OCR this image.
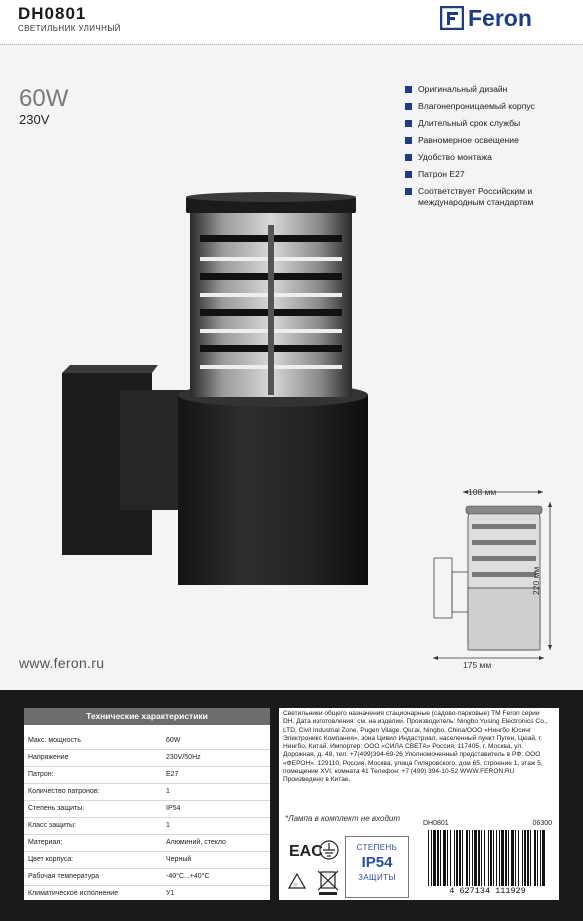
DH0801
СВЕТИЛЬНИК УЛИЧНЫЙ	Feron
60W
230V
Оригинальный дизайн
Влагонепроницаемый корпус
Длительный срок службы
Равномерное освещение
Удобство монтажа
Патрон E27
Соответствует Российским и международным стандартам
108 мм
220 мм
175 мм
www.feron.ru
Технические характеристики
Макс. мощность	60W
Напряжение	230V/50Hz
Патрон:	E27
Количество патронов:	1
Степень защиты:	IP54
Класс защиты:	1
Материал:	Алюминий, стекло
Цвет корпуса:	Черный
Рабочая температура	-40°C...+40°C
Климатическое исполнение	У1
Светильники общего назначения стационарные (садово-парковые) ТМ Feron серии DH. Дата изготовления: см. на изделии. Производитель: Ningbo Yusing Electronics Co., LTD, Civil Industrial Zone, Pugen Vilage, Qiu'ai, Ningbo, China/ООО «Нингбо Юсинг Электроникс Компания», зона Цивил Индастриал, населенный пункт Пуген, Цюай, г. Нингбо, Китай. Импортер: ООО «СИЛА СВЕТА» Россия, 117405, г. Москва, ул. Дорожная, д. 48, тел. +7(499)394-69-26 Уполномоченный представитель в РФ: ООО «ФЕРОН». 129110, Россия, Москва, улица Гиляровского, дом 65, строение 1, этаж 5, помещение XVI, комната 41 Телефон: +7 (499) 394-10-52 WWW.FERON.RU Произведено в Китае.
*Лампа в комплект не входит
EAC
♲
СТЕПЕНЬ
IP54
ЗАЩИТЫ
DH0801	06300
4 627134 111929
